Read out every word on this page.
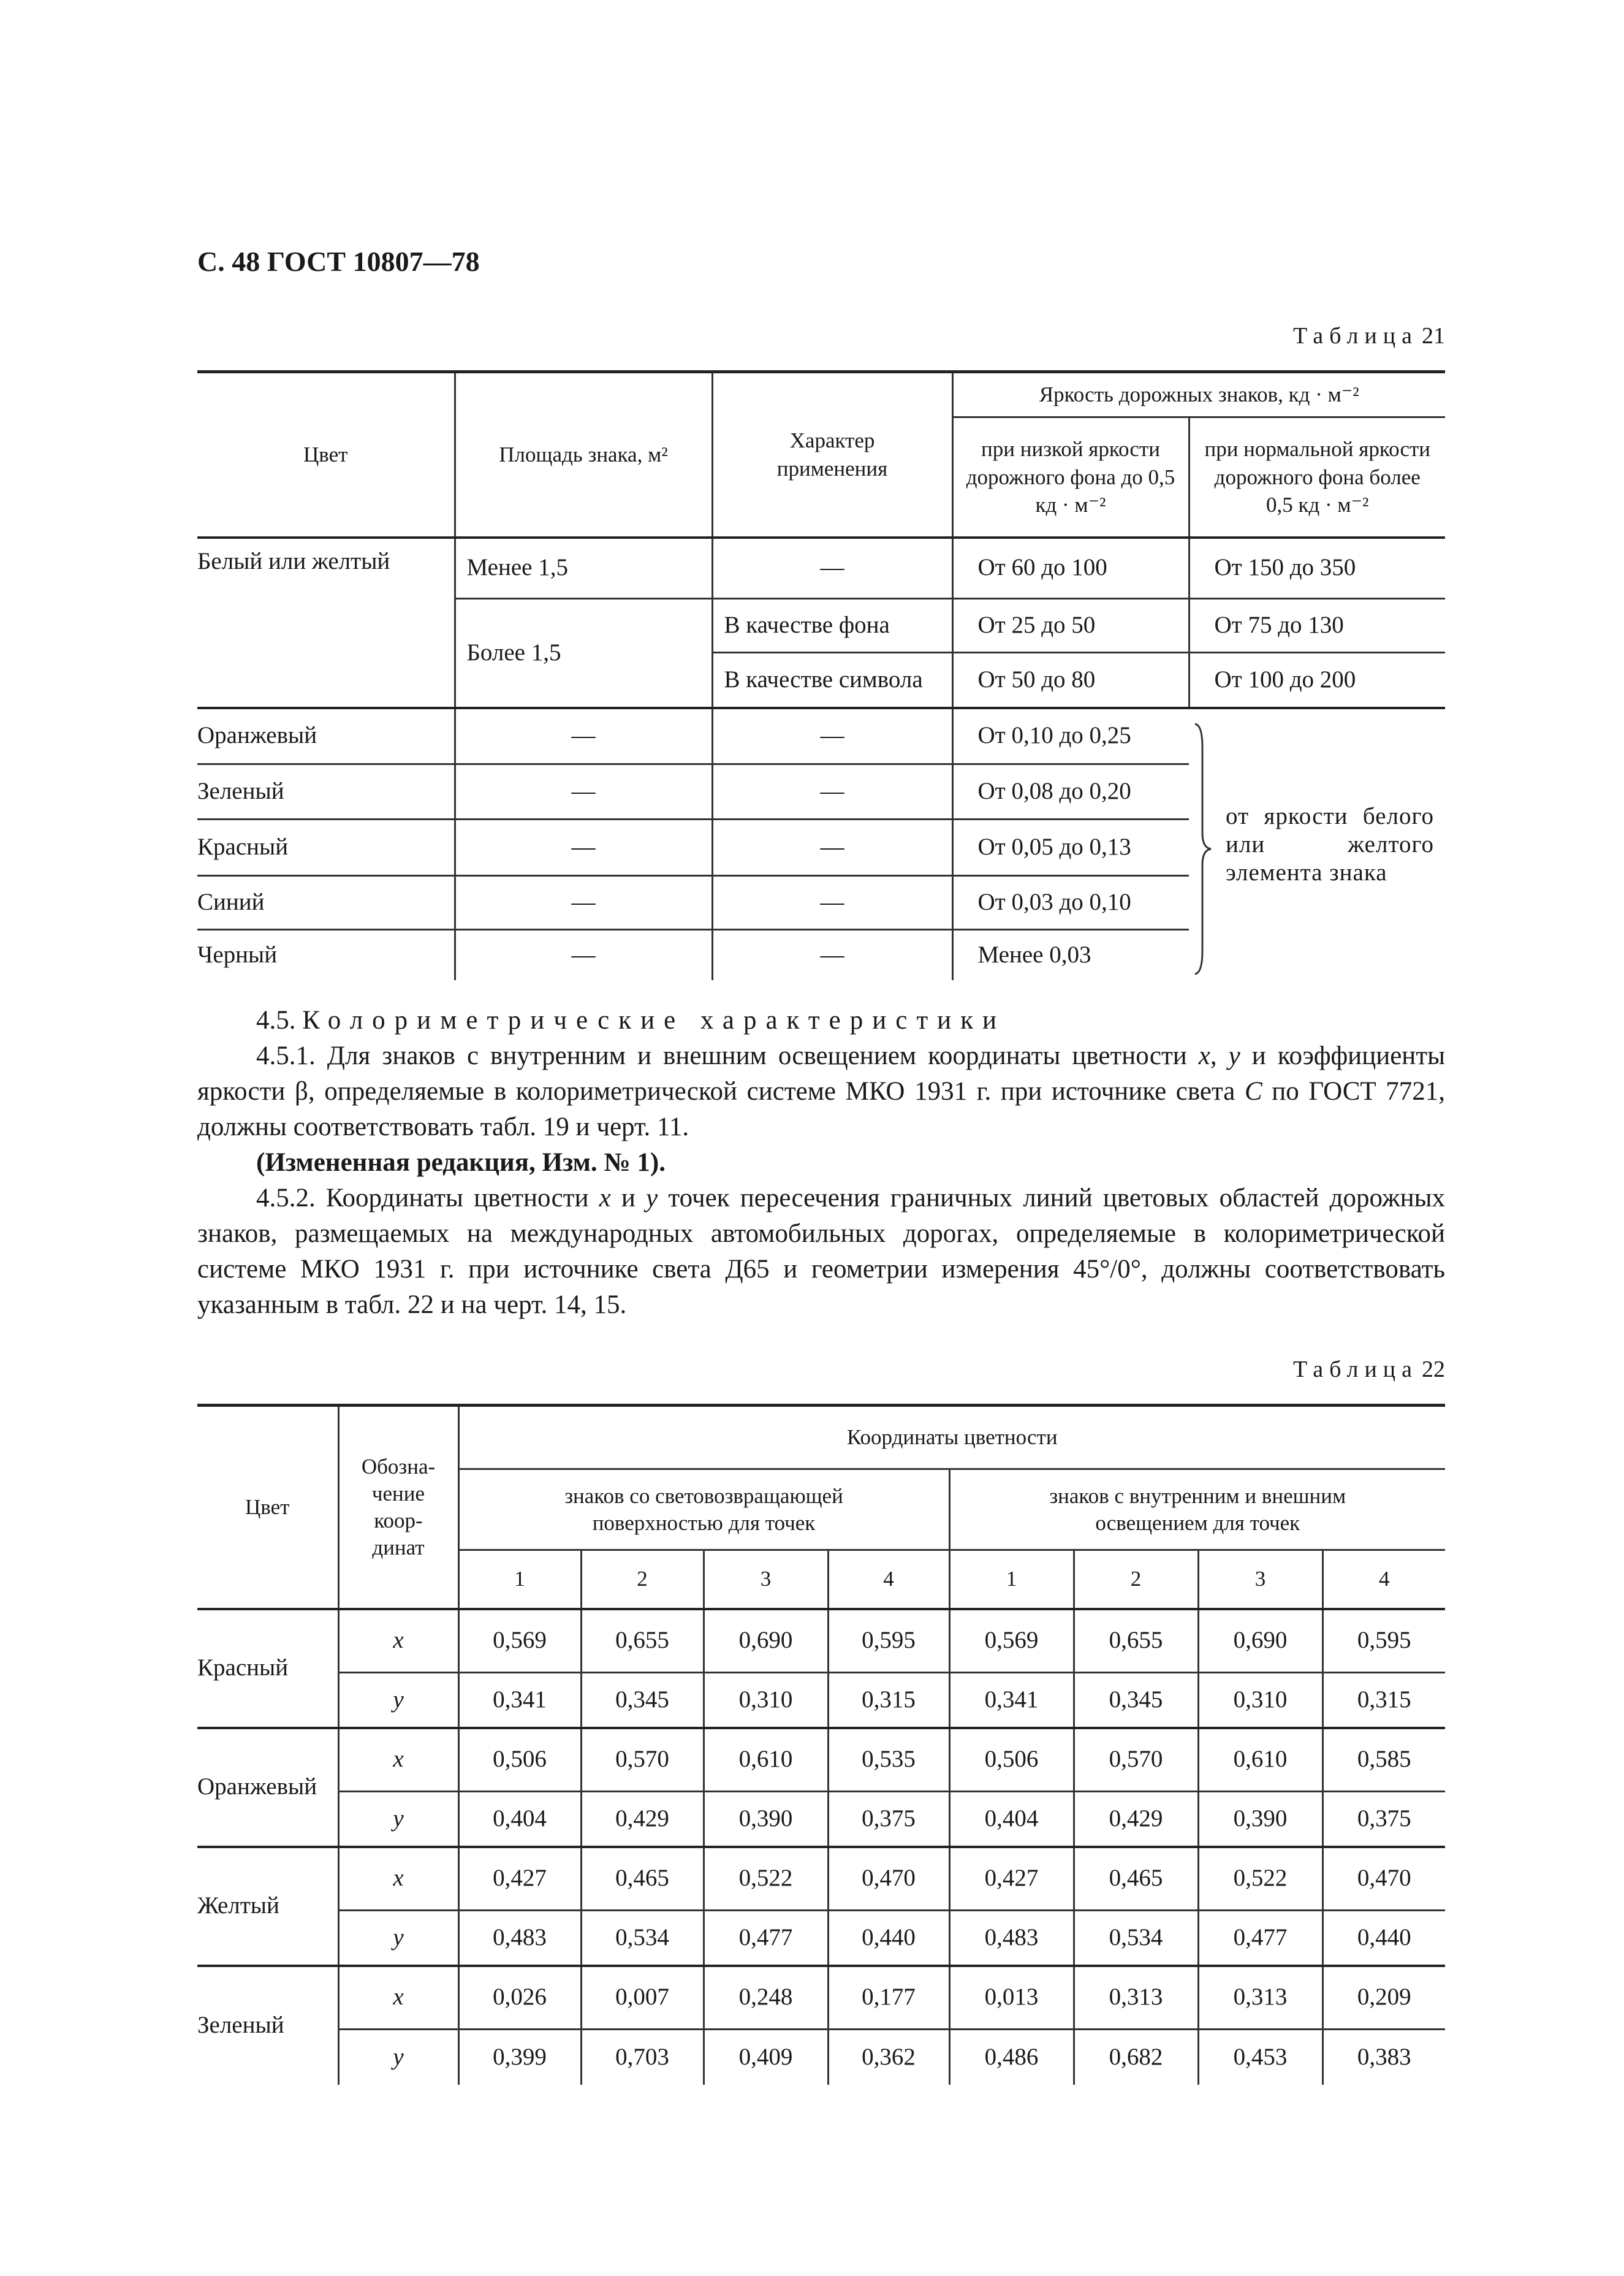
С. 48 ГОСТ 10807—78
Таблица 21
Цвет	Площадь знака, м²	Характер применения	Яркость дорожных знаков, кд · м⁻²	
			при низкой яркости дорожного фона до 0,5 кд · м⁻²	при нормальной яркости дорожного фона более 0,5 кд · м⁻²
Белый или желтый	Менее 1,5	—	От 60 до 100	От 150 до 350
	Более 1,5	В качестве фона	От 25 до 50	От 75 до 130
		В качестве символа	От 50 до 80	От 100 до 200
Оранжевый	—	—	От 0,10 до 0,25	от яркости белого или желтого элемента знака

Зеленый	—	—	От 0,08 до 0,20	
Красный	—	—	От 0,05 до 0,13	
Синий	—	—	От 0,03 до 0,10	
Черный	—	—	Менее 0,03	

4.5. Колориметрические характеристики

4.5.1. Для знаков с внутренним и внешним освещением координаты цветности x, y и коэффициенты яркости β, определяемые в колориметрической системе МКО 1931 г. при источнике света С по ГОСТ 7721, должны соответствовать табл. 19 и черт. 11.

(Измененная редакция, Изм. № 1).

4.5.2. Координаты цветности x и y точек пересечения граничных линий цветовых областей дорожных знаков, размещаемых на международных автомобильных дорогах, определяемые в колориметрической системе МКО 1931 г. при источнике света Д65 и геометрии измерения 45°/0°, должны соответствовать указанным в табл. 22 и на черт. 14, 15.

Таблица 22
Цвет	Обозна-чение коор-динат	Координаты цветности							
		знаков со световозвращающей поверхностью для точек				знаков с внутренним и внешним освещением для точек			
		1	2	3	4	1	2	3	4
Красный	x	0,569	0,655	0,690	0,595	0,569	0,655	0,690	0,595
	y	0,341	0,345	0,310	0,315	0,341	0,345	0,310	0,315
Оранжевый	x	0,506	0,570	0,610	0,535	0,506	0,570	0,610	0,585
	y	0,404	0,429	0,390	0,375	0,404	0,429	0,390	0,375
Желтый	x	0,427	0,465	0,522	0,470	0,427	0,465	0,522	0,470
	y	0,483	0,534	0,477	0,440	0,483	0,534	0,477	0,440
Зеленый	x	0,026	0,007	0,248	0,177	0,013	0,313	0,313	0,209
	y	0,399	0,703	0,409	0,362	0,486	0,682	0,453	0,383
